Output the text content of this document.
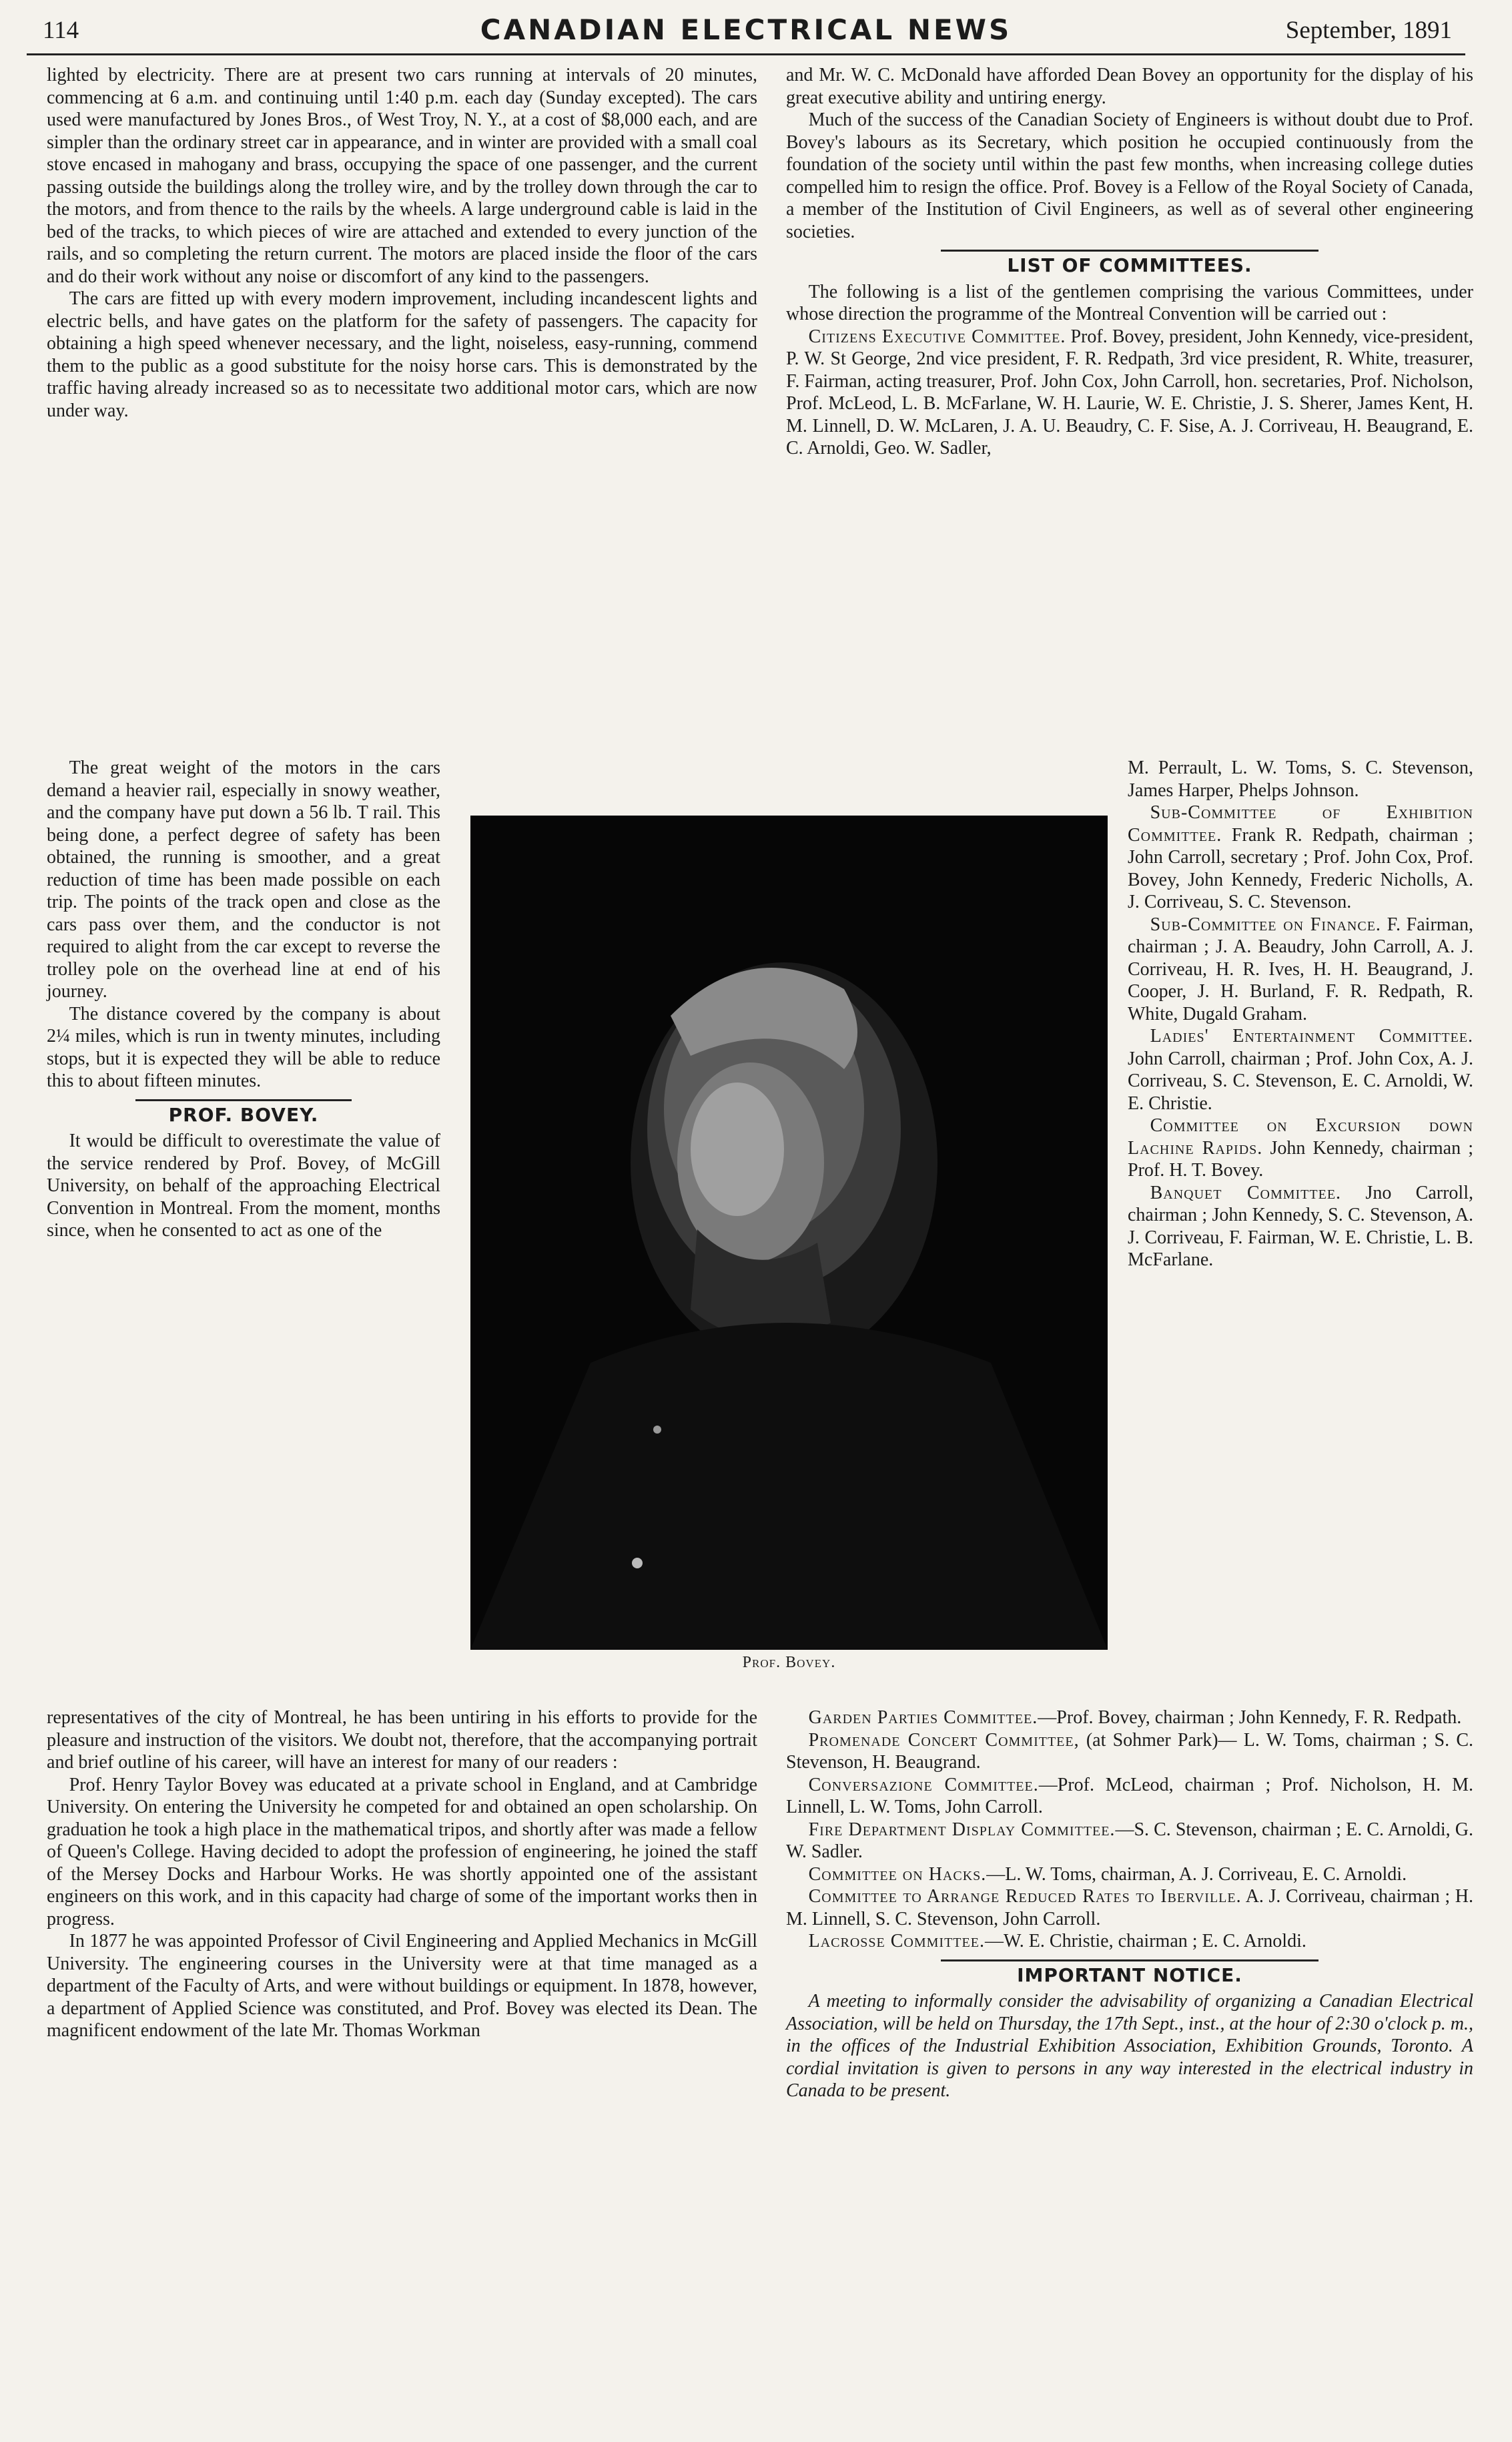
114	CANADIAN ELECTRICAL NEWS	September, 1891

lighted by electricity. There are at present two cars running at intervals of 20 minutes, commencing at 6 a.m. and continuing until 1:40 p.m. each day (Sunday excepted). The cars used were manufactured by Jones Bros., of West Troy, N. Y., at a cost of $8,000 each, and are simpler than the ordinary street car in appearance, and in winter are provided with a small coal stove encased in mahogany and brass, occupying the space of one passenger, and the current passing outside the buildings along the trolley wire, and by the trolley down through the car to the motors, and from thence to the rails by the wheels. A large underground cable is laid in the bed of the tracks, to which pieces of wire are attached and extended to every junction of the rails, and so completing the return current. The motors are placed inside the floor of the cars and do their work without any noise or discomfort of any kind to the passengers.

The cars are fitted up with every modern improvement, including incandescent lights and electric bells, and have gates on the platform for the safety of passengers. The capacity for obtaining a high speed whenever necessary, and the light, noiseless, easy-running, commend them to the public as a good substitute for the noisy horse cars. This is demonstrated by the traffic having already increased so as to necessitate two additional motor cars, which are now under way.

The great weight of the motors in the cars demand a heavier rail, especially in snowy weather, and the company have put down a 56 lb. T rail. This being done, a perfect degree of safety has been obtained, the running is smoother, and a great reduction of time has been made possible on each trip. The points of the track open and close as the cars pass over them, and the conductor is not required to alight from the car except to reverse the trolley pole on the overhead line at end of his journey.

The distance covered by the company is about 2¼ miles, which is run in twenty minutes, including stops, but it is expected they will be able to reduce this to about fifteen minutes.

PROF. BOVEY.

It would be difficult to overestimate the value of the service rendered by Prof. Bovey, of McGill University, on behalf of the approaching Electrical Convention in Montreal. From the moment, months since, when he consented to act as one of the

Prof. Bovey.

representatives of the city of Montreal, he has been untiring in his efforts to provide for the pleasure and instruction of the visitors. We doubt not, therefore, that the accompanying portrait and brief outline of his career, will have an interest for many of our readers :

Prof. Henry Taylor Bovey was educated at a private school in England, and at Cambridge University. On entering the University he competed for and obtained an open scholarship. On graduation he took a high place in the mathematical tripos, and shortly after was made a fellow of Queen's College. Having decided to adopt the profession of engineering, he joined the staff of the Mersey Docks and Harbour Works. He was shortly appointed one of the assistant engineers on this work, and in this capacity had charge of some of the important works then in progress.

In 1877 he was appointed Professor of Civil Engineering and Applied Mechanics in McGill University. The engineering courses in the University were at that time managed as a department of the Faculty of Arts, and were without buildings or equipment. In 1878, however, a department of Applied Science was constituted, and Prof. Bovey was elected its Dean. The magnificent endowment of the late Mr. Thomas Workman

and Mr. W. C. McDonald have afforded Dean Bovey an opportunity for the display of his great executive ability and untiring energy.

Much of the success of the Canadian Society of Engineers is without doubt due to Prof. Bovey's labours as its Secretary, which position he occupied continuously from the foundation of the society until within the past few months, when increasing college duties compelled him to resign the office. Prof. Bovey is a Fellow of the Royal Society of Canada, a member of the Institution of Civil Engineers, as well as of several other engineering societies.

LIST OF COMMITTEES.

The following is a list of the gentlemen comprising the various Committees, under whose direction the programme of the Montreal Convention will be carried out :

Citizens Executive Committee. Prof. Bovey, president, John Kennedy, vice-president, P. W. St George, 2nd vice president, F. R. Redpath, 3rd vice president, R. White, treasurer, F. Fairman, acting treasurer, Prof. John Cox, John Carroll, hon. secretaries, Prof. Nicholson, Prof. McLeod, L. B. McFarlane, W. H. Laurie, W. E. Christie, J. S. Sherer, James Kent, H. M. Linnell, D. W. McLaren, J. A. U. Beaudry, C. F. Sise, A. J. Corriveau, H. Beaugrand, E. C. Arnoldi, Geo. W. Sadler,

M. Perrault, L. W. Toms, S. C. Stevenson, James Harper, Phelps Johnson.

Sub-Committee of Exhibition Committee. Frank R. Redpath, chairman ; John Carroll, secretary ; Prof. John Cox, Prof. Bovey, John Kennedy, Frederic Nicholls, A. J. Corriveau, S. C. Stevenson.

Sub-Committee on Finance. F. Fairman, chairman ; J. A. Beaudry, John Carroll, A. J. Corriveau, H. R. Ives, H. H. Beaugrand, J. Cooper, J. H. Burland, F. R. Redpath, R. White, Dugald Graham.

Ladies' Entertainment Committee. John Carroll, chairman ; Prof. John Cox, A. J. Corriveau, S. C. Stevenson, E. C. Arnoldi, W. E. Christie.

Committee on Excursion down Lachine Rapids. John Kennedy, chairman ; Prof. H. T. Bovey.

Banquet Committee. Jno Carroll, chairman ; John Kennedy, S. C. Stevenson, A. J. Corriveau, F. Fairman, W. E. Christie, L. B. McFarlane.

Garden Parties Committee.—Prof. Bovey, chairman ; John Kennedy, F. R. Redpath.

Promenade Concert Committee, (at Sohmer Park)— L. W. Toms, chairman ; S. C. Stevenson, H. Beaugrand.

Conversazione Committee.—Prof. McLeod, chairman ; Prof. Nicholson, H. M. Linnell, L. W. Toms, John Carroll.

Fire Department Display Committee.—S. C. Stevenson, chairman ; E. C. Arnoldi, G. W. Sadler.

Committee on Hacks.—L. W. Toms, chairman, A. J. Corriveau, E. C. Arnoldi.

Committee to Arrange Reduced Rates to Iberville. A. J. Corriveau, chairman ; H. M. Linnell, S. C. Stevenson, John Carroll.

Lacrosse Committee.—W. E. Christie, chairman ; E. C. Arnoldi.

IMPORTANT NOTICE.

A meeting to informally consider the advisability of organizing a Canadian Electrical Association, will be held on Thursday, the 17th Sept., inst., at the hour of 2:30 o'clock p. m., in the offices of the Industrial Exhibition Association, Exhibition Grounds, Toronto. A cordial invitation is given to persons in any way interested in the electrical industry in Canada to be present.
